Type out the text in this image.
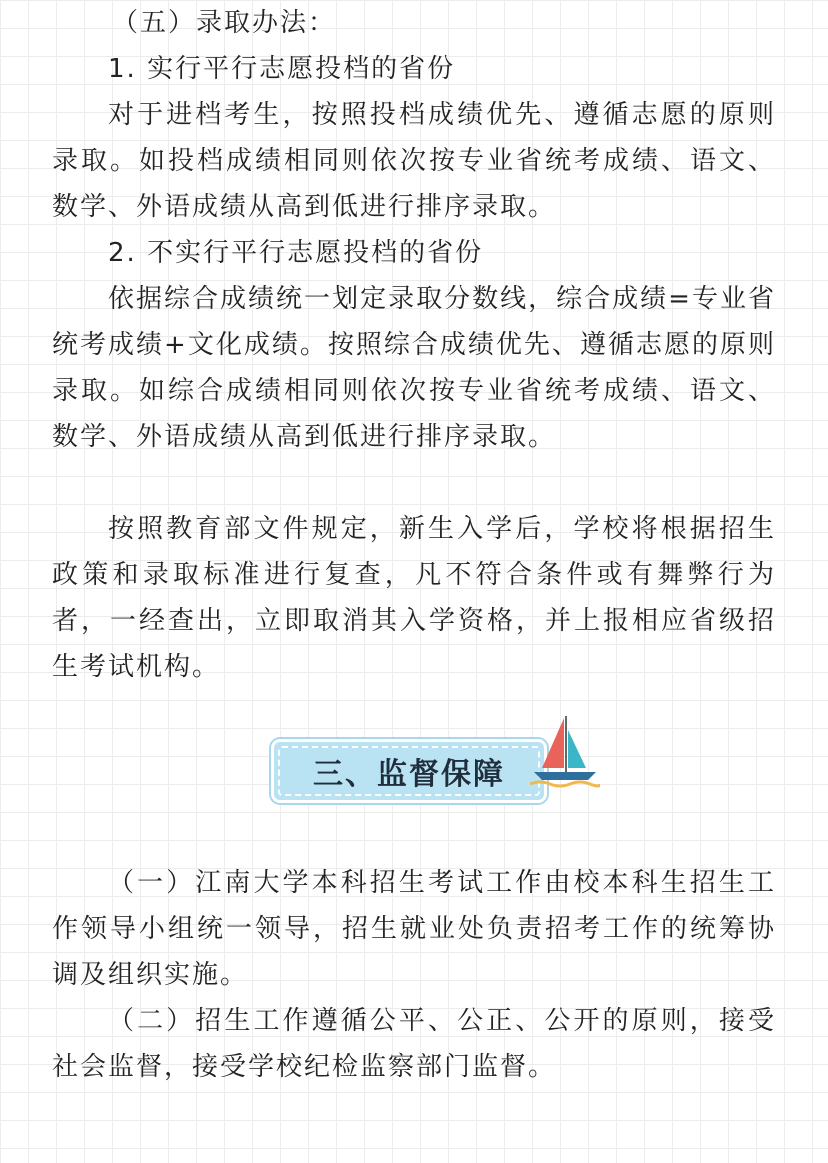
（五）录取办法：

1. 实行平行志愿投档的省份

对于进档考生，按照投档成绩优先、遵循志愿的原则录取。如投档成绩相同则依次按专业省统考成绩、语文、数学、外语成绩从高到低进行排序录取。

2. 不实行平行志愿投档的省份

依据综合成绩统一划定录取分数线，综合成绩=专业省统考成绩+文化成绩。按照综合成绩优先、遵循志愿的原则录取。如综合成绩相同则依次按专业省统考成绩、语文、数学、外语成绩从高到低进行排序录取。

按照教育部文件规定，新生入学后，学校将根据招生政策和录取标准进行复查，凡不符合条件或有舞弊行为者，一经查出，立即取消其入学资格，并上报相应省级招生考试机构。

三、监督保障

（一）江南大学本科招生考试工作由校本科生招生工作领导小组统一领导，招生就业处负责招考工作的统筹协调及组织实施。

（二）招生工作遵循公平、公正、公开的原则，接受社会监督，接受学校纪检监察部门监督。
